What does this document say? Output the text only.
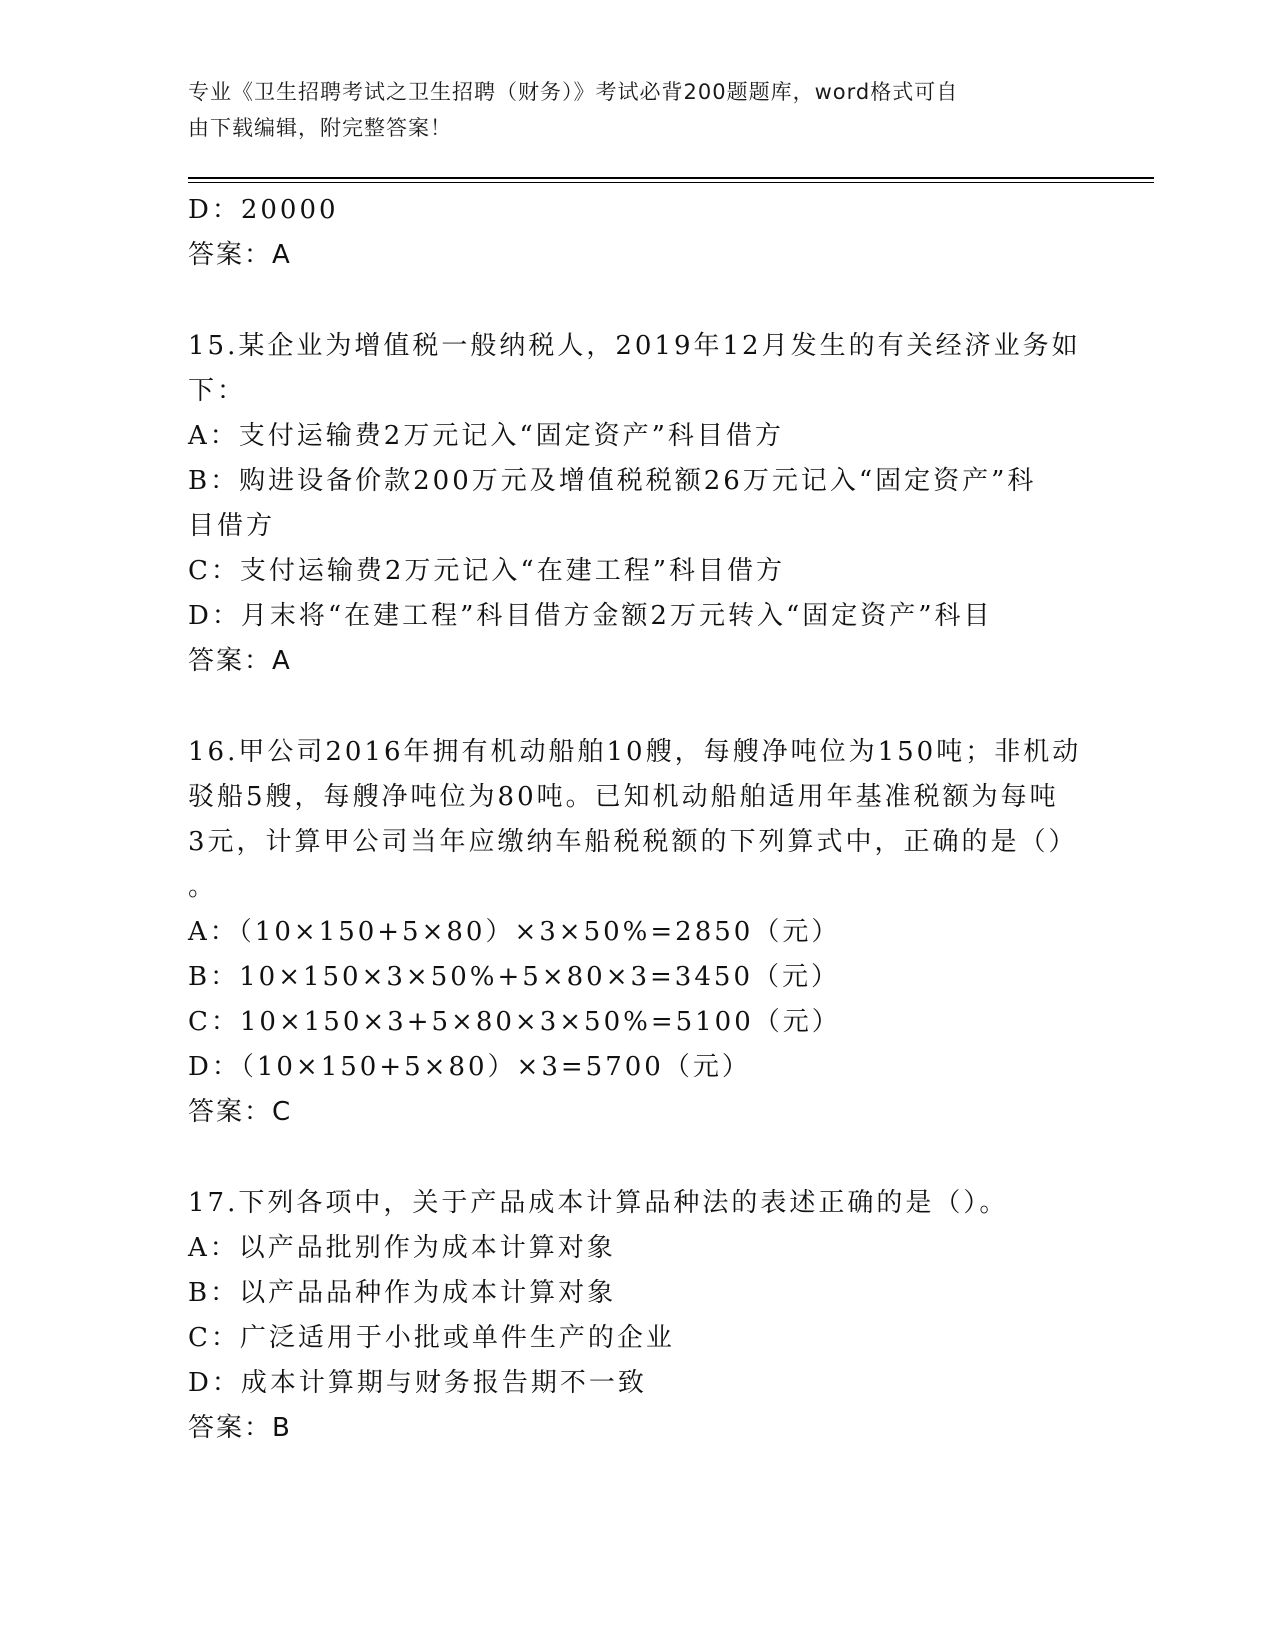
专业《卫生招聘考试之卫生招聘（财务）》考试必背200题题库，word格式可自
由下载编辑，附完整答案！
D：20000
答案：A
15.某企业为增值税一般纳税人，2019年12月发生的有关经济业务如
下：
A：支付运输费2万元记入“固定资产”科目借方
B：购进设备价款200万元及增值税税额26万元记入“固定资产”科
目借方
C：支付运输费2万元记入“在建工程”科目借方
D：月末将“在建工程”科目借方金额2万元转入“固定资产”科目
答案：A
16.甲公司2016年拥有机动船舶10艘，每艘净吨位为150吨；非机动
驳船5艘，每艘净吨位为80吨。已知机动船舶适用年基准税额为每吨
3元，计算甲公司当年应缴纳车船税税额的下列算式中，正确的是（）
。
A：（10×150+5×80）×3×50%=2850（元）
B：10×150×3×50%+5×80×3=3450（元）
C：10×150×3+5×80×3×50%=5100（元）
D：（10×150+5×80）×3=5700（元）
答案：C
17.下列各项中，关于产品成本计算品种法的表述正确的是（）。
A：以产品批别作为成本计算对象
B：以产品品种作为成本计算对象
C：广泛适用于小批或单件生产的企业
D：成本计算期与财务报告期不一致
答案：B
